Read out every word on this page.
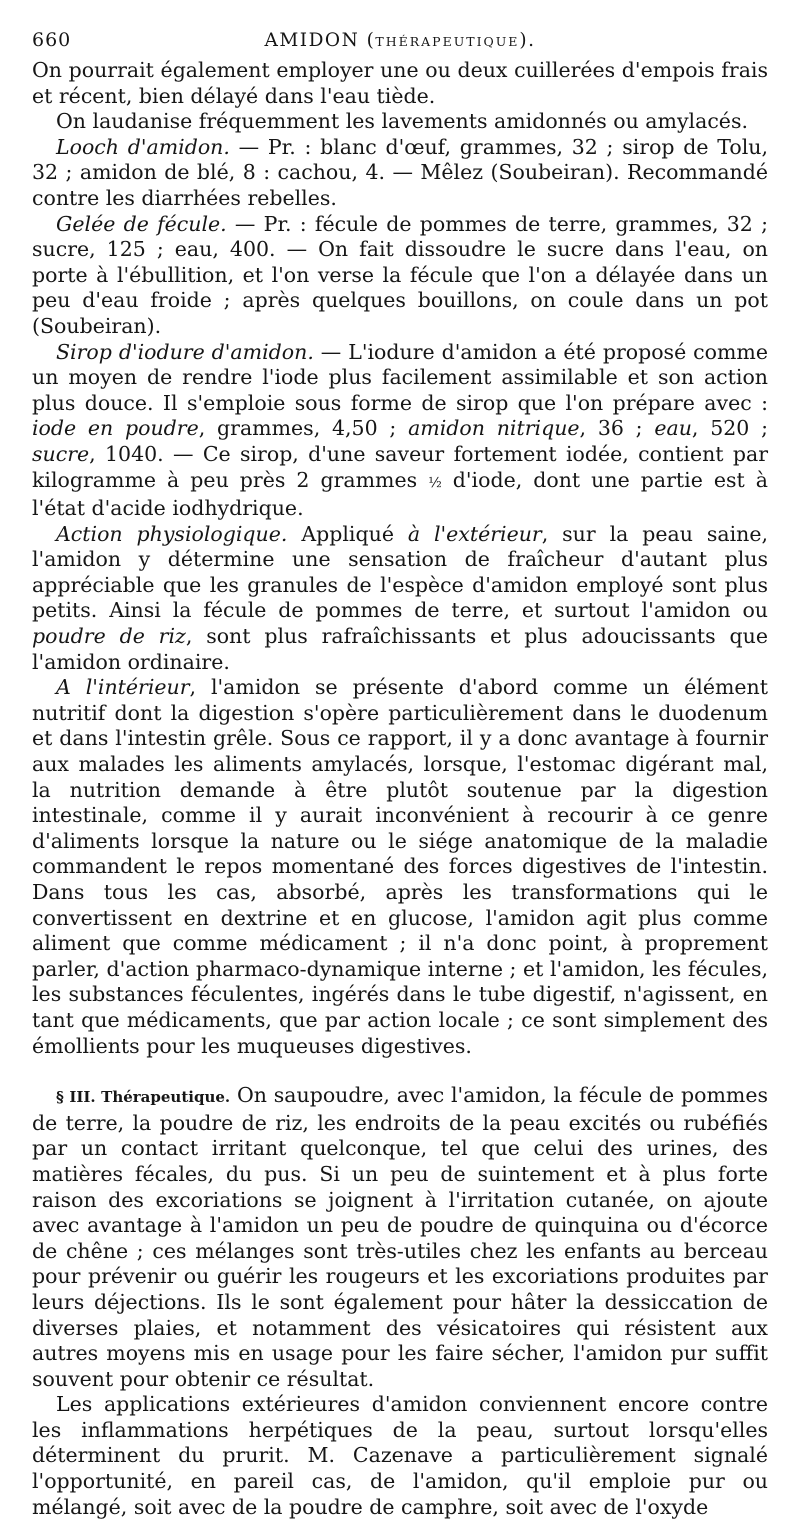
660	AMIDON (THÉRAPEUTIQUE).

On pourrait également employer une ou deux cuillerées d'empois frais et récent, bien délayé dans l'eau tiède.

On laudanise fréquemment les lavements amidonnés ou amylacés.

Looch d'amidon. — Pr. : blanc d'œuf, grammes, 32 ; sirop de Tolu, 32 ; amidon de blé, 8 : cachou, 4. — Mêlez (Soubeiran). Recommandé contre les diarrhées rebelles.

Gelée de fécule. — Pr. : fécule de pommes de terre, grammes, 32 ; sucre, 125 ; eau, 400. — On fait dissoudre le sucre dans l'eau, on porte à l'ébullition, et l'on verse la fécule que l'on a délayée dans un peu d'eau froide ; après quelques bouillons, on coule dans un pot (Soubeiran).

Sirop d'iodure d'amidon. — L'iodure d'amidon a été proposé comme un moyen de rendre l'iode plus facilement assimilable et son action plus douce. Il s'emploie sous forme de sirop que l'on prépare avec : iode en poudre, grammes, 4,50 ; amidon nitrique, 36 ; eau, 520 ; sucre, 1040. — Ce sirop, d'une saveur fortement iodée, contient par kilogramme à peu près 2 grammes ½ d'iode, dont une partie est à l'état d'acide iodhydrique.

Action physiologique. Appliqué à l'extérieur, sur la peau saine, l'amidon y détermine une sensation de fraîcheur d'autant plus appréciable que les granules de l'espèce d'amidon employé sont plus petits. Ainsi la fécule de pommes de terre, et surtout l'amidon ou poudre de riz, sont plus rafraîchissants et plus adoucissants que l'amidon ordinaire.

A l'intérieur, l'amidon se présente d'abord comme un élément nutritif dont la digestion s'opère particulièrement dans le duodenum et dans l'intestin grêle. Sous ce rapport, il y a donc avantage à fournir aux malades les aliments amylacés, lorsque, l'estomac digérant mal, la nutrition demande à être plutôt soutenue par la digestion intestinale, comme il y aurait inconvénient à recourir à ce genre d'aliments lorsque la nature ou le siége anatomique de la maladie commandent le repos momentané des forces digestives de l'intestin. Dans tous les cas, absorbé, après les transformations qui le convertissent en dextrine et en glucose, l'amidon agit plus comme aliment que comme médicament ; il n'a donc point, à proprement parler, d'action pharmaco-dynamique interne ; et l'amidon, les fécules, les substances féculentes, ingérés dans le tube digestif, n'agissent, en tant que médicaments, que par action locale ; ce sont simplement des émollients pour les muqueuses digestives.

§ III. Thérapeutique. On saupoudre, avec l'amidon, la fécule de pommes de terre, la poudre de riz, les endroits de la peau excités ou rubéfiés par un contact irritant quelconque, tel que celui des urines, des matières fécales, du pus. Si un peu de suintement et à plus forte raison des excoriations se joignent à l'irritation cutanée, on ajoute avec avantage à l'amidon un peu de poudre de quinquina ou d'écorce de chêne ; ces mélanges sont très-utiles chez les enfants au berceau pour prévenir ou guérir les rougeurs et les excoriations produites par leurs déjections. Ils le sont également pour hâter la dessiccation de diverses plaies, et notamment des vésicatoires qui résistent aux autres moyens mis en usage pour les faire sécher, l'amidon pur suffit souvent pour obtenir ce résultat.

Les applications extérieures d'amidon conviennent encore contre les inflammations herpétiques de la peau, surtout lorsqu'elles déterminent du prurit. M. Cazenave a particulièrement signalé l'opportunité, en pareil cas, de l'amidon, qu'il emploie pur ou mélangé, soit avec de la poudre de camphre, soit avec de l'oxyde
